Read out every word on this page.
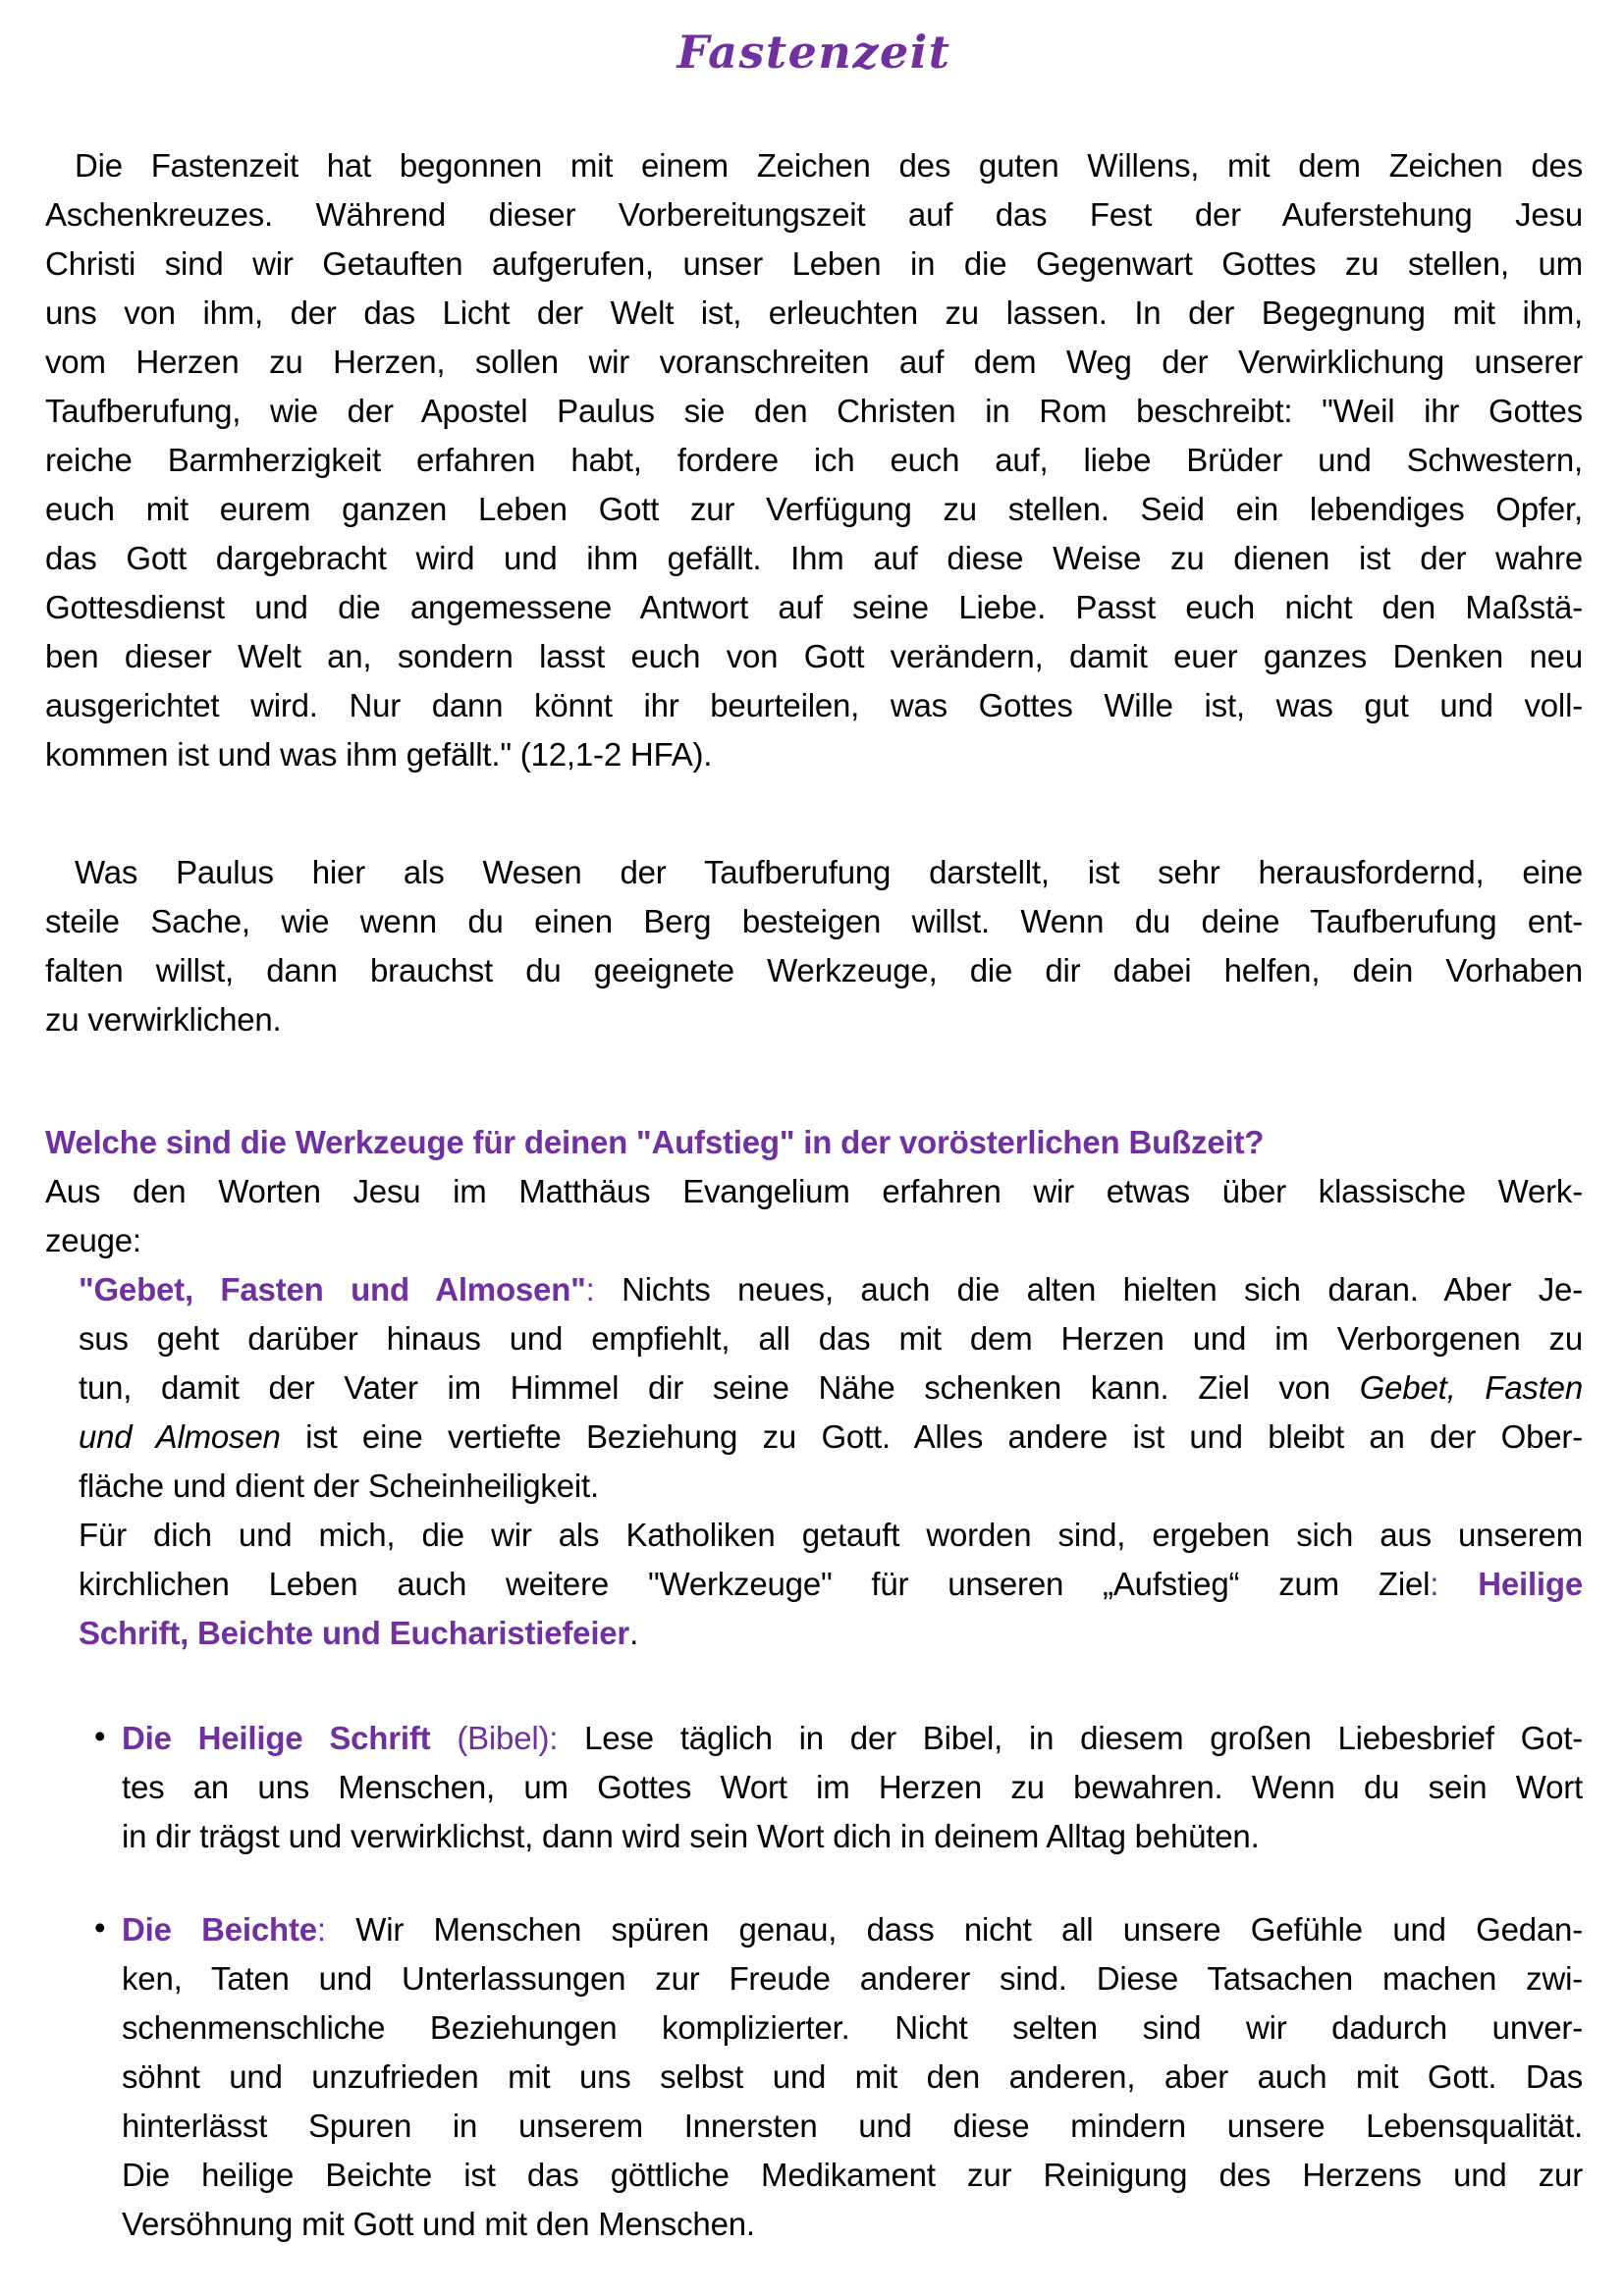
Fastenzeit
Die Fastenzeit hat begonnen mit einem Zeichen des guten Willens, mit dem Zeichen des
Aschenkreuzes. Während dieser Vorbereitungszeit auf das Fest der Auferstehung Jesu
Christi sind wir Getauften aufgerufen, unser Leben in die Gegenwart Gottes zu stellen, um
uns von ihm, der das Licht der Welt ist, erleuchten zu lassen. In der Begegnung mit ihm,
vom Herzen zu Herzen, sollen wir voranschreiten auf dem Weg der Verwirklichung unserer
Taufberufung, wie der Apostel Paulus sie den Christen in Rom beschreibt: "Weil ihr Gottes
reiche Barmherzigkeit erfahren habt, fordere ich euch auf, liebe Brüder und Schwestern,
euch mit eurem ganzen Leben Gott zur Verfügung zu stellen. Seid ein lebendiges Opfer,
das Gott dargebracht wird und ihm gefällt. Ihm auf diese Weise zu dienen ist der wahre
Gottesdienst und die angemessene Antwort auf seine Liebe. Passt euch nicht den Maßstä-
ben dieser Welt an, sondern lasst euch von Gott verändern, damit euer ganzes Denken neu
ausgerichtet wird. Nur dann könnt ihr beurteilen, was Gottes Wille ist, was gut und voll-
kommen ist und was ihm gefällt." (12,1-2 HFA).
Was Paulus hier als Wesen der Taufberufung darstellt, ist sehr herausfordernd, eine
steile Sache, wie wenn du einen Berg besteigen willst. Wenn du deine Taufberufung ent-
falten willst, dann brauchst du geeignete Werkzeuge, die dir dabei helfen, dein Vorhaben
zu verwirklichen.
Welche sind die Werkzeuge für deinen "Aufstieg" in der vorösterlichen Bußzeit?
Aus den Worten Jesu im Matthäus Evangelium erfahren wir etwas über klassische Werk-
zeuge:
"Gebet, Fasten und Almosen": Nichts neues, auch die alten hielten sich daran. Aber Je-
sus geht darüber hinaus und empfiehlt, all das mit dem Herzen und im Verborgenen zu
tun, damit der Vater im Himmel dir seine Nähe schenken kann. Ziel von Gebet, Fasten
und Almosen ist eine vertiefte Beziehung zu Gott. Alles andere ist und bleibt an der Ober-
fläche und dient der Scheinheiligkeit.
Für dich und mich, die wir als Katholiken getauft worden sind, ergeben sich aus unserem
kirchlichen Leben auch weitere "Werkzeuge" für unseren „Aufstieg“ zum Ziel: Heilige
Schrift, Beichte und Eucharistiefeier.
• Die Heilige Schrift (Bibel): Lese täglich in der Bibel, in diesem großen Liebesbrief Got-
tes an uns Menschen, um Gottes Wort im Herzen zu bewahren. Wenn du sein Wort
in dir trägst und verwirklichst, dann wird sein Wort dich in deinem Alltag behüten.
• Die Beichte: Wir Menschen spüren genau, dass nicht all unsere Gefühle und Gedan-
ken, Taten und Unterlassungen zur Freude anderer sind. Diese Tatsachen machen zwi-
schenmenschliche Beziehungen komplizierter. Nicht selten sind wir dadurch unver-
söhnt und unzufrieden mit uns selbst und mit den anderen, aber auch mit Gott. Das
hinterlässt Spuren in unserem Innersten und diese mindern unsere Lebensqualität.
Die heilige Beichte ist das göttliche Medikament zur Reinigung des Herzens und zur
Versöhnung mit Gott und mit den Menschen.
